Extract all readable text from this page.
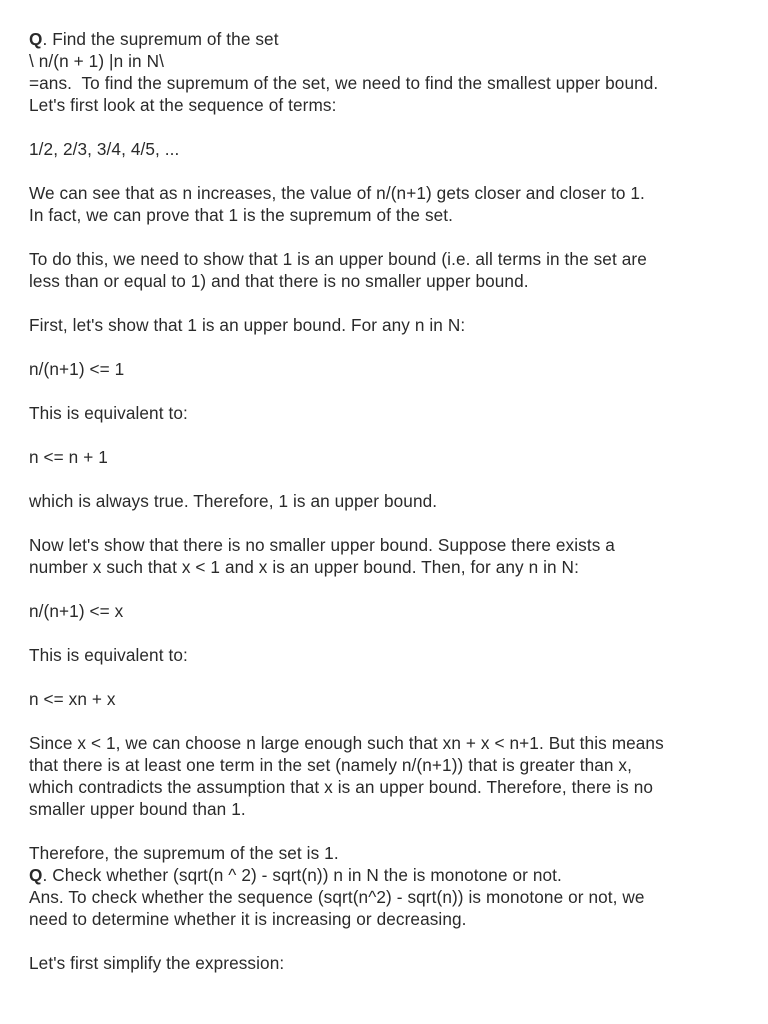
Q. Find the supremum of the set
\ n/(n + 1) |n in N\
=ans.  To find the supremum of the set, we need to find the smallest upper bound.
Let's first look at the sequence of terms:
1/2, 2/3, 3/4, 4/5, ...
We can see that as n increases, the value of n/(n+1) gets closer and closer to 1.
In fact, we can prove that 1 is the supremum of the set.
To do this, we need to show that 1 is an upper bound (i.e. all terms in the set are
less than or equal to 1) and that there is no smaller upper bound.
First, let's show that 1 is an upper bound. For any n in N:
n/(n+1) <= 1
This is equivalent to:
n <= n + 1
which is always true. Therefore, 1 is an upper bound.
Now let's show that there is no smaller upper bound. Suppose there exists a
number x such that x < 1 and x is an upper bound. Then, for any n in N:
n/(n+1) <= x
This is equivalent to:
n <= xn + x
Since x < 1, we can choose n large enough such that xn + x < n+1. But this means
that there is at least one term in the set (namely n/(n+1)) that is greater than x,
which contradicts the assumption that x is an upper bound. Therefore, there is no
smaller upper bound than 1.
Therefore, the supremum of the set is 1.
Q. Check whether (sqrt(n ^ 2) - sqrt(n)) n in N the is monotone or not.
Ans. To check whether the sequence (sqrt(n^2) - sqrt(n)) is monotone or not, we
need to determine whether it is increasing or decreasing.
Let's first simplify the expression:
